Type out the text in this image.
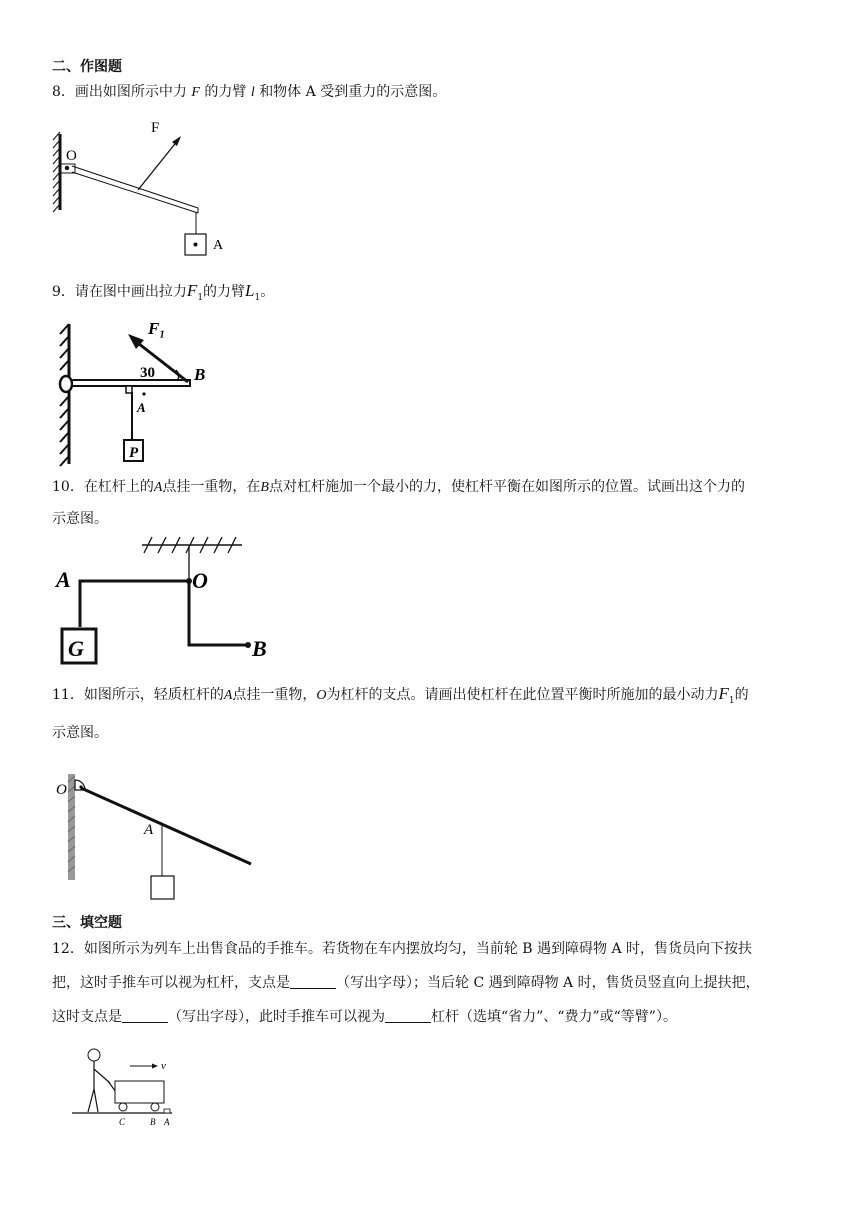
二、作图题
8．画出如图所示中力 F 的力臂 l 和物体 A 受到重力的示意图。
O
F
A
9．请在图中画出拉力$F_1$的力臂$L_1$。
F₁
30 B
A
P
10．在杠杆上的A点挂一重物，在B点对杠杆施加一个最小的力，使杠杆平衡在如图所示的位置。试画出这个力的
示意图。
A	O
B
G
11．如图所示，轻质杠杆的A点挂一重物，O为杠杆的支点。请画出使杠杆在此位置平衡时所施加的最小动力$F_1$的
示意图。
O
A
三、填空题
12．如图所示为列车上出售食品的手推车。若货物在车内摆放均匀，当前轮 B 遇到障碍物 A 时，售货员向下按扶
把，这时手推车可以视为杠杆，支点是	（写出字母）；当后轮 C 遇到障碍物 A 时，售货员竖直向上提扶把，
这时支点是	（写出字母），此时手推车可以视为	杠杆（选填“省力”、“费力”或“等臂”）。
v
C	B A
